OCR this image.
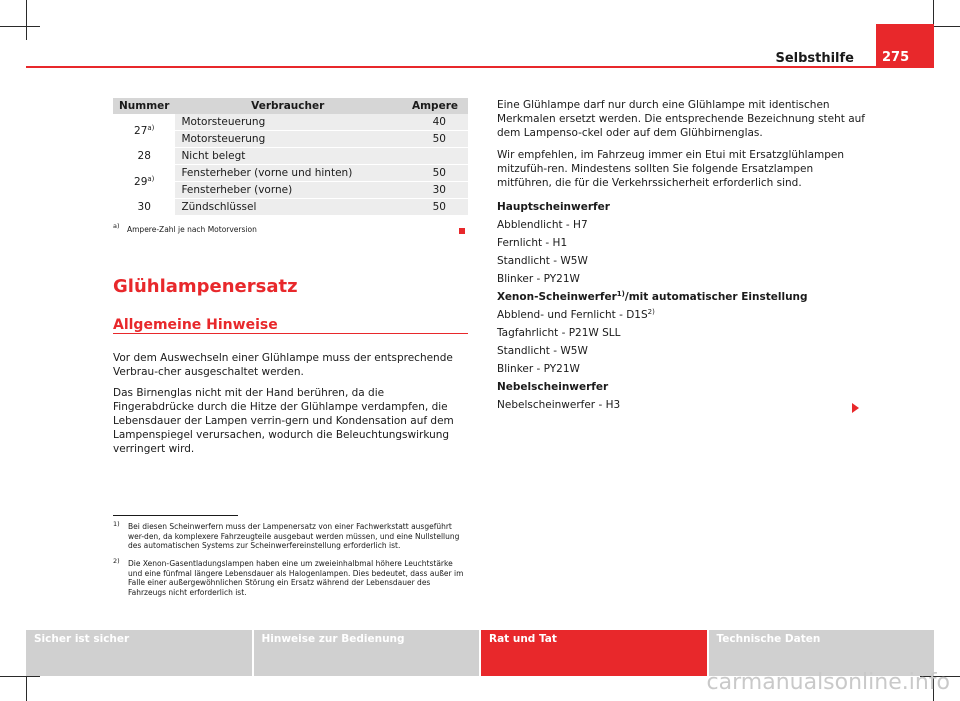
Selbsthilfe	275
Nummer	Verbraucher	Ampere
27$^{a)}$	Motorsteuerung	40
	Motorsteuerung	50
28	Nicht belegt	
29$^{a)}$	Fensterheber (vorne und hinten)	50
	Fensterheber (vorne)	30
30	Zündschlüssel	50
a) Ampere-Zahl je nach Motorversion
Glühlampenersatz
Allgemeine Hinweise

Vor dem Auswechseln einer Glühlampe muss der entsprechende Verbrau-cher ausgeschaltet werden.

Das Birnenglas nicht mit der Hand berühren, da die Fingerabdrücke durch die Hitze der Glühlampe verdampfen, die Lebensdauer der Lampen verrin-gern und Kondensation auf dem Lampenspiegel verursachen, wodurch die Beleuchtungswirkung verringert wird.

Eine Glühlampe darf nur durch eine Glühlampe mit identischen Merkmalen ersetzt werden. Die entsprechende Bezeichnung steht auf dem Lampenso-ckel oder auf dem Glühbirnenglas.

Wir empfehlen, im Fahrzeug immer ein Etui mit Ersatzglühlampen mitzufüh-ren. Mindestens sollten Sie folgende Ersatzlampen mitführen, die für die Verkehrssicherheit erforderlich sind.

Hauptscheinwerfer

Abblendlicht - H7

Fernlicht - H1

Standlicht - W5W

Blinker - PY21W

Xenon-Scheinwerfer$^{1)}$/mit automatischer Einstellung

Abblend- und Fernlicht - $D1S^{2)}$

Tagfahrlicht - P21W SLL

Standlicht - W5W

Blinker - PY21W

Nebelscheinwerfer

Nebelscheinwerfer - H3

1) Bei diesen Scheinwerfern muss der Lampenersatz von einer Fachwerkstatt ausgeführt wer-den, da komplexere Fahrzeugteile ausgebaut werden müssen, und eine Nullstellung des automatischen Systems zur Scheinwerfereinstellung erforderlich ist.
2) Die Xenon-Gasentladungslampen haben eine um zweieinhalbmal höhere Leuchtstärke und eine fünfmal längere Lebensdauer als Halogenlampen. Dies bedeutet, dass außer im Falle einer außergewöhnlichen Störung ein Ersatz während der Lebensdauer des Fahrzeugs nicht erforderlich ist.
Sicher ist sicher	Hinweise zur Bedienung	Rat und Tat	Technische Daten
carmanualsonline.info
